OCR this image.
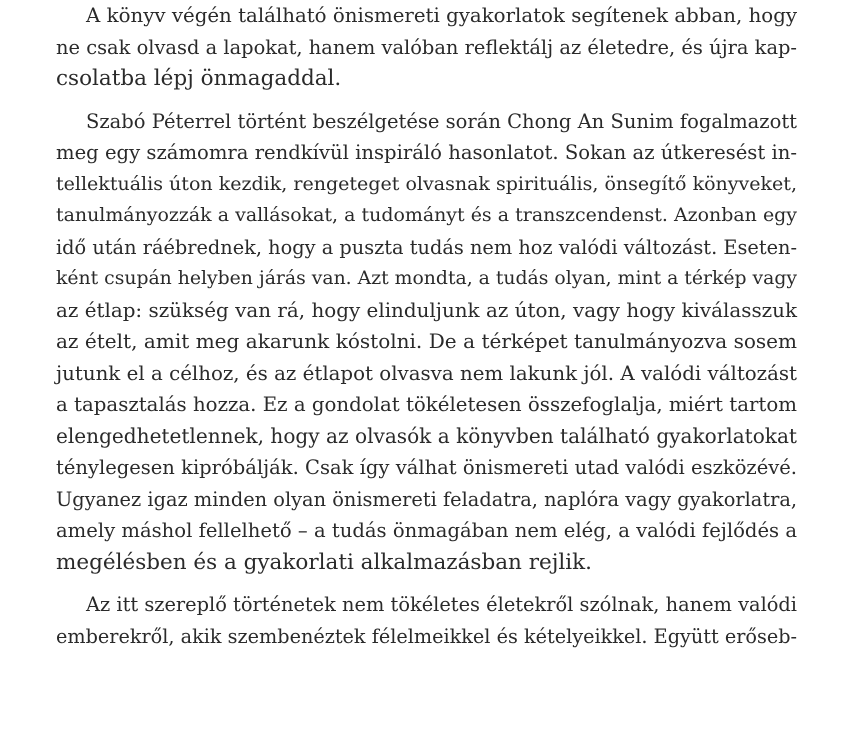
A könyv végén található önismereti gyakorlatok segítenek abban, hogy
ne csak olvasd a lapokat, hanem valóban reflektálj az életedre, és újra kap-
csolatba lépj önmagaddal.

Szabó Péterrel történt beszélgetése során Chong An Sunim fogalmazott
meg egy számomra rendkívül inspiráló hasonlatot. Sokan az útkeresést in-
tellektuális úton kezdik, rengeteget olvasnak spirituális, önsegítő könyveket,
tanulmányozzák a vallásokat, a tudományt és a transzcendenst. Azonban egy
idő után ráébrednek, hogy a puszta tudás nem hoz valódi változást. Eseten-
ként csupán helyben járás van. Azt mondta, a tudás olyan, mint a térkép vagy
az étlap: szükség van rá, hogy elinduljunk az úton, vagy hogy kiválasszuk
az ételt, amit meg akarunk kóstolni. De a térképet tanulmányozva sosem
jutunk el a célhoz, és az étlapot olvasva nem lakunk jól. A valódi változást
a tapasztalás hozza. Ez a gondolat tökéletesen összefoglalja, miért tartom
elengedhetetlennek, hogy az olvasók a könyvben található gyakorlatokat
ténylegesen kipróbálják. Csak így válhat önismereti utad valódi eszközévé.
Ugyanez igaz minden olyan önismereti feladatra, naplóra vagy gyakorlatra,
amely máshol fellelhető – a tudás önmagában nem elég, a valódi fejlődés a
megélésben és a gyakorlati alkalmazásban rejlik.

Az itt szereplő történetek nem tökéletes életekről szólnak, hanem valódi
emberekről, akik szembenéztek félelmeikkel és kételyeikkel. Együtt erőseb-
